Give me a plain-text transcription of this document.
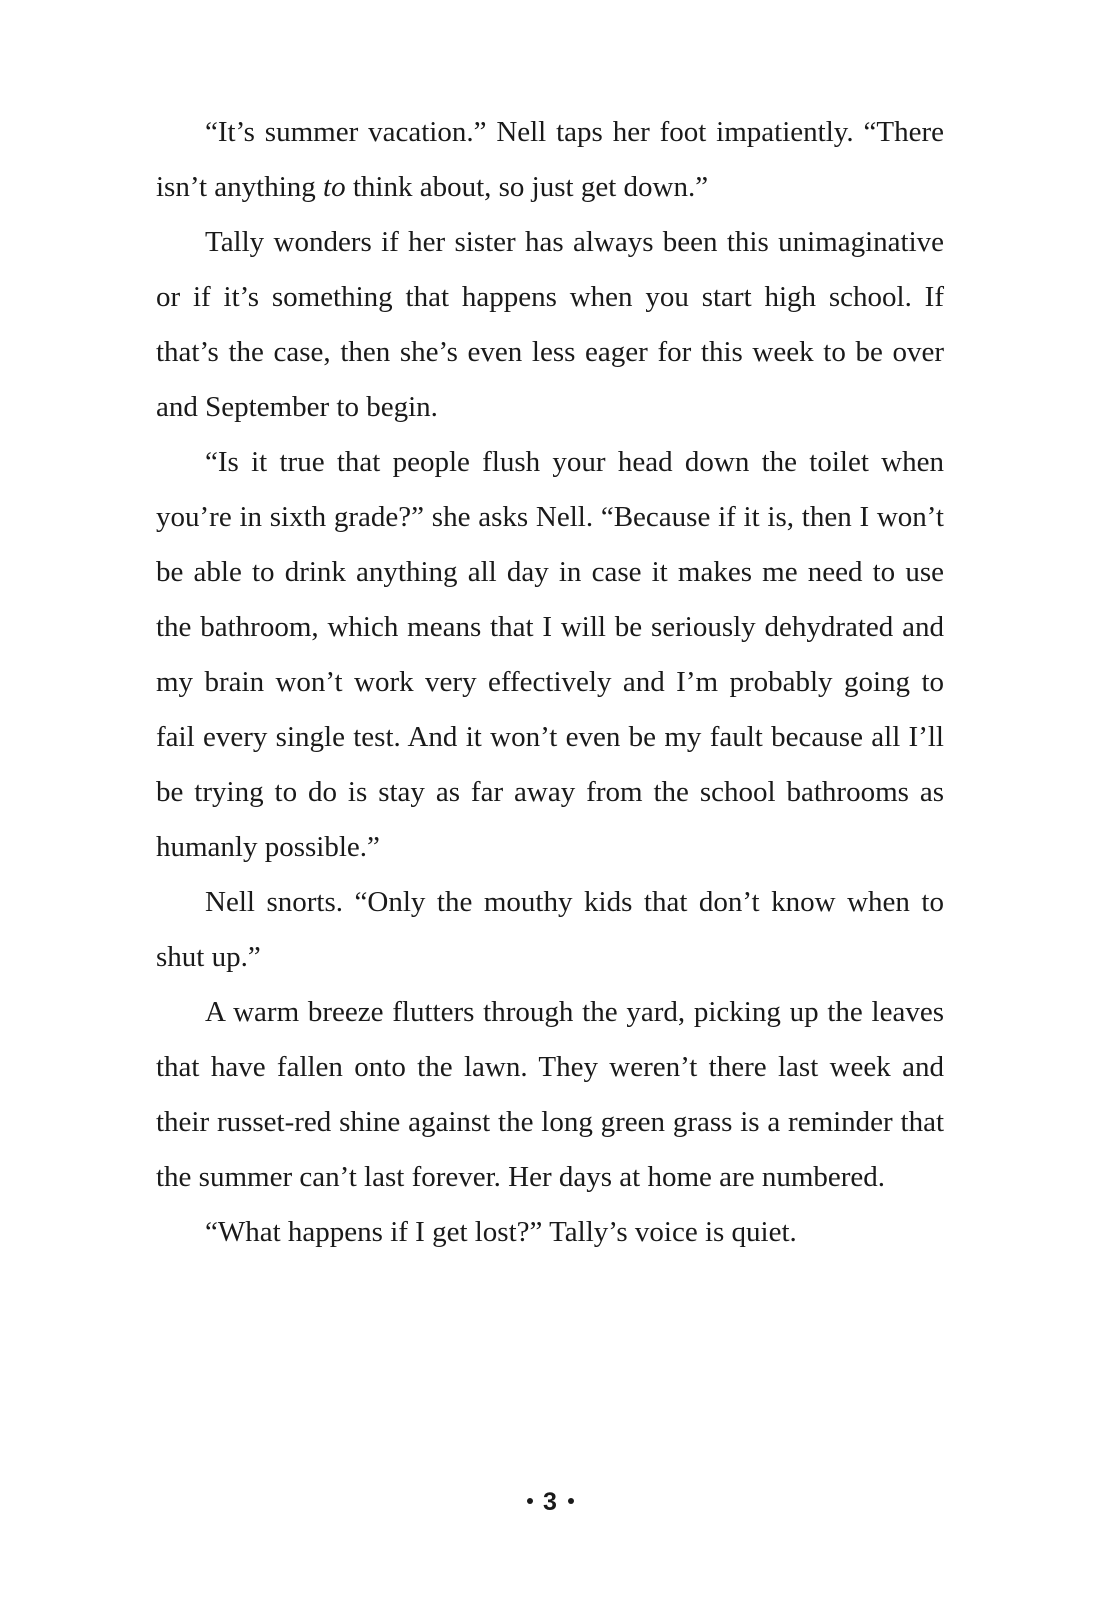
“It’s summer vacation.” Nell taps her foot impatiently. “There isn’t anything to think about, so just get down.”

Tally wonders if her sister has always been this unimaginative or if it’s something that happens when you start high school. If that’s the case, then she’s even less eager for this week to be over and September to begin.

“Is it true that people flush your head down the toilet when you’re in sixth grade?” she asks Nell. “Because if it is, then I won’t be able to drink anything all day in case it makes me need to use the bathroom, which means that I will be seriously dehydrated and my brain won’t work very effectively and I’m probably going to fail every single test. And it won’t even be my fault because all I’ll be trying to do is stay as far away from the school bathrooms as humanly possible.”

Nell snorts. “Only the mouthy kids that don’t know when to shut up.”

A warm breeze flutters through the yard, picking up the leaves that have fallen onto the lawn. They weren’t there last week and their russet-red shine against the long green grass is a reminder that the summer can’t last forever. Her days at home are numbered.

“What happens if I get lost?” Tally’s voice is quiet.

3
